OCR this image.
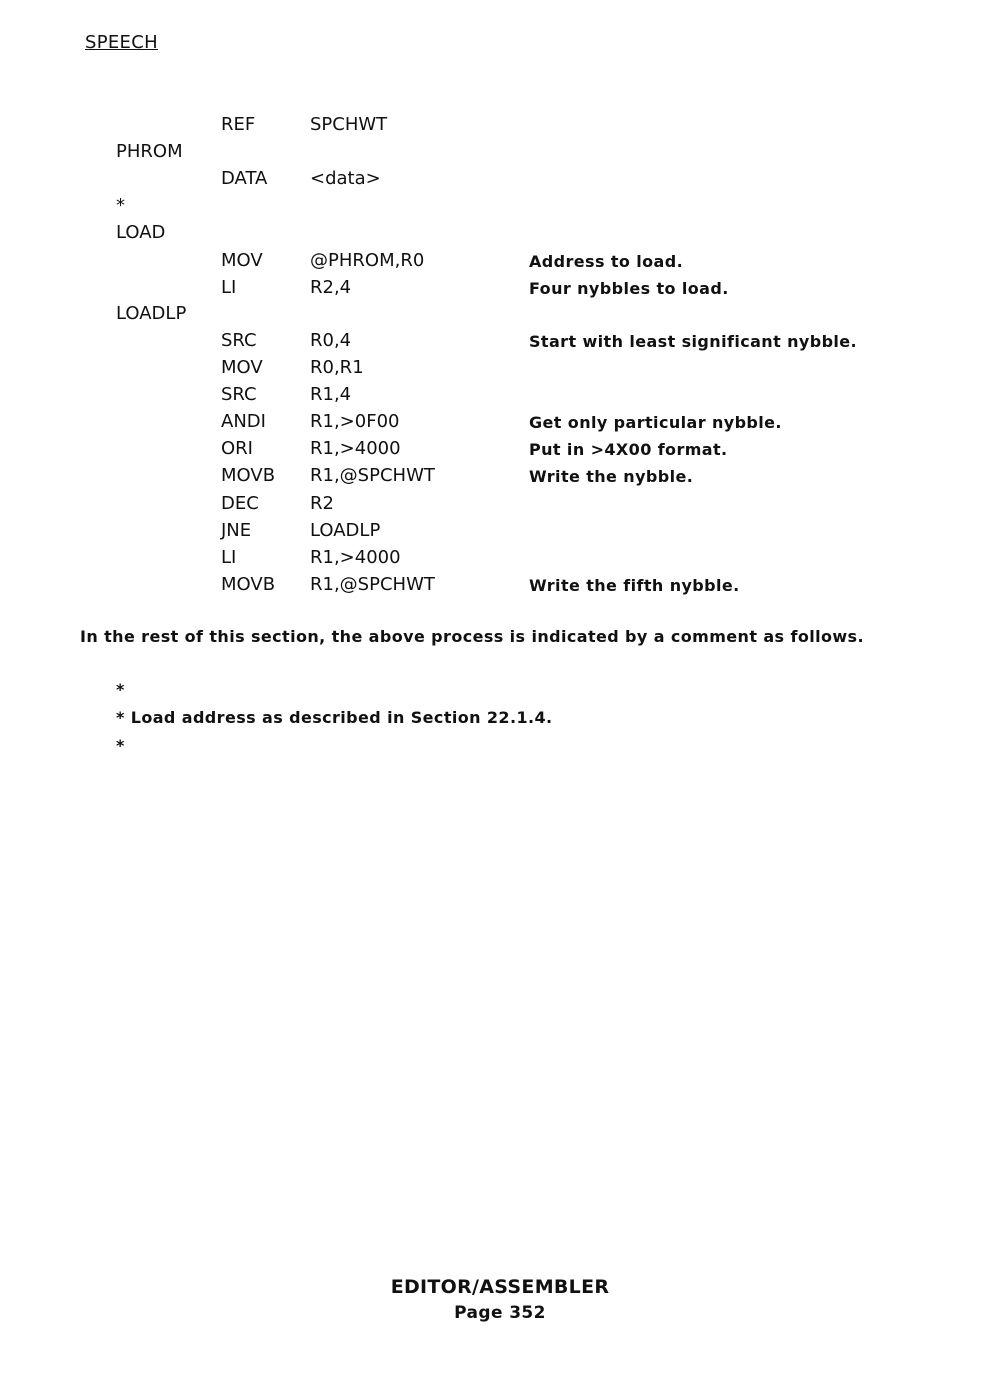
SPEECH
REF	SPCHWT
PHROM
DATA <data>
*
LOAD
MOV	@PHROM,R0	Address to load.
LI	R2,4	Four nybbles to load.
LOADLP
SRC	R0,4	Start with least significant nybble.
MOV	R0,R1
SRC	R1,4
ANDI R1,>0F00	Get only particular nybble.
ORI	R1,>4000	Put in >4X00 format.
MOVB R1,@SPCHWT	Write the nybble.
DEC	R2
JNE	LOADLP
LI	R1,>4000
MOVB R1,@SPCHWT	Write the fifth nybble.
In the rest of this section, the above process is indicated by a comment as follows.
*
* Load address as described in Section 22.1.4.
*
EDITOR/ASSEMBLER
Page 352
